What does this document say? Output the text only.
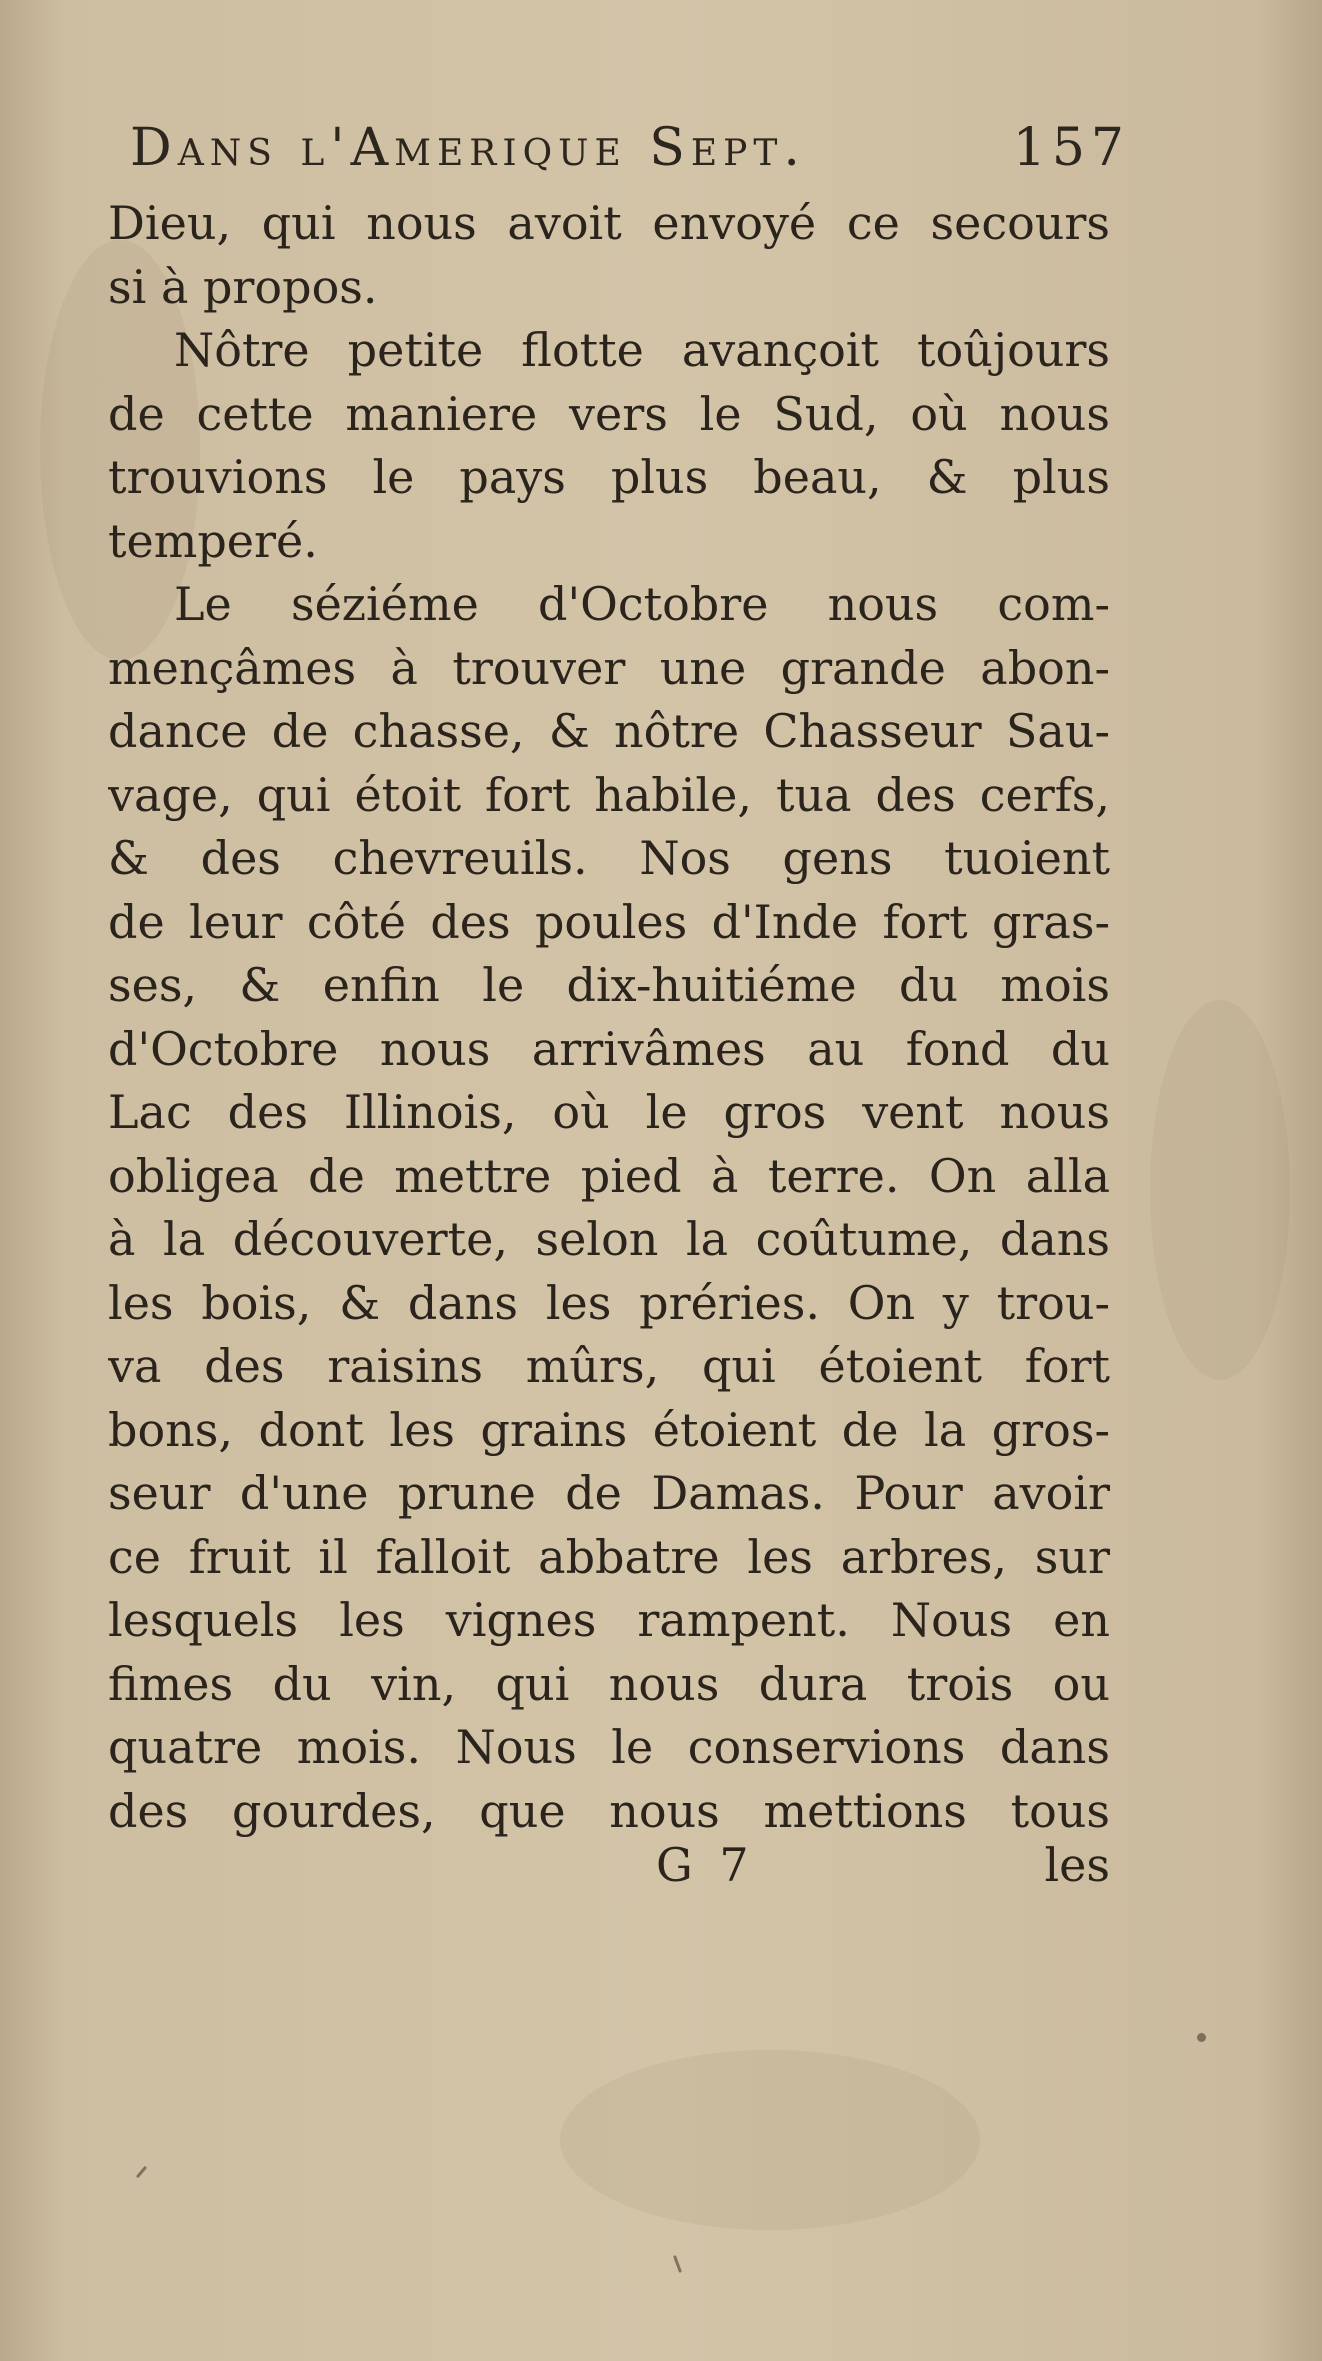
Dans l'Amerique Sept.	157
Dieu, qui nous avoit envoyé ce secours
si à propos.
Nôtre petite flotte avançoit toûjours
de cette maniere vers le Sud, où nous
trouvions le pays plus beau, & plus
temperé.
Le séziéme d'Octobre nous com-
mençâmes à trouver une grande abon-
dance de chasse, & nôtre Chasseur Sau-
vage, qui étoit fort habile, tua des cerfs,
& des chevreuils. Nos gens tuoient
de leur côté des poules d'Inde fort gras-
ses, & enfin le dix-huitiéme du mois
d'Octobre nous arrivâmes au fond du
Lac des Illinois, où le gros vent nous
obligea de mettre pied à terre. On alla
à la découverte, selon la coûtume, dans
les bois, & dans les préries. On y trou-
va des raisins mûrs, qui étoient fort
bons, dont les grains étoient de la gros-
seur d'une prune de Damas. Pour avoir
ce fruit il falloit abbatre les arbres, sur
lesquels les vignes rampent. Nous en
fimes du vin, qui nous dura trois ou
quatre mois. Nous le conservions dans
des gourdes, que nous mettions tous
G 7	les
